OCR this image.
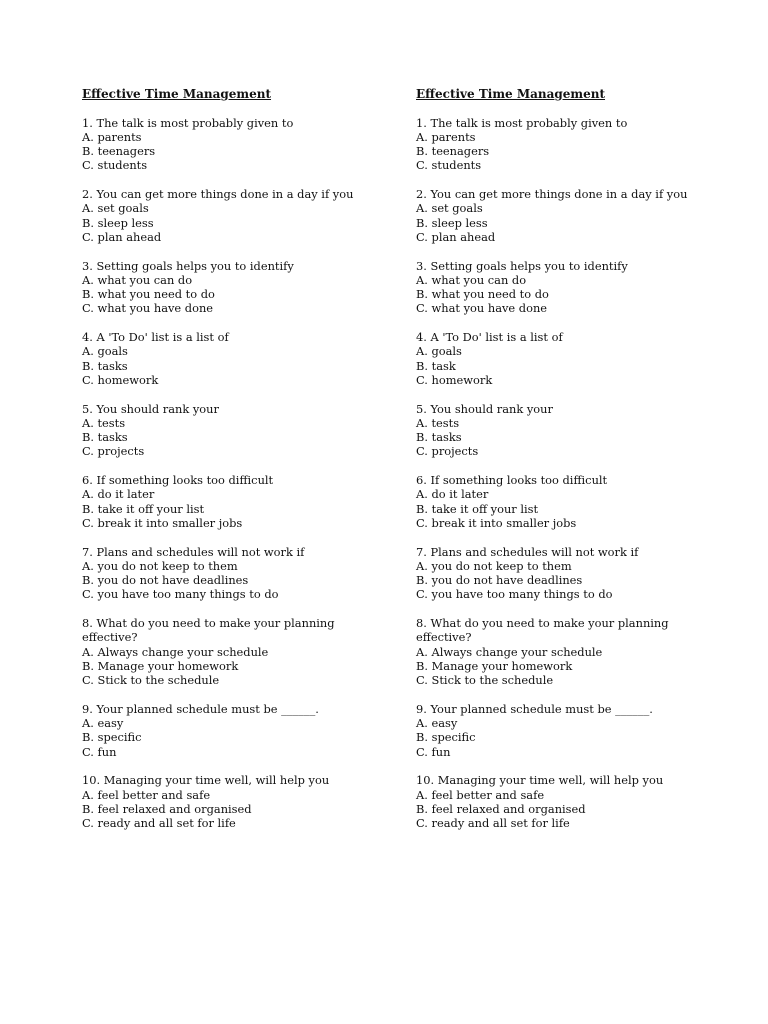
Effective Time Management
1. The talk is most probably given to
A. parents
B. teenagers
C. students
2. You can get more things done in a day if you
A. set goals
B. sleep less
C. plan ahead
3. Setting goals helps you to identify
A. what you can do
B. what you need to do
C. what you have done
4. A 'To Do' list is a list of
A. goals
B. tasks
C. homework
5. You should rank your
A. tests
B. tasks
C. projects
6. If something looks too difficult
A. do it later
B. take it off your list
C. break it into smaller jobs
7. Plans and schedules will not work if
A. you do not keep to them
B. you do not have deadlines
C. you have too many things to do
8. What do you need to make your planning effective?
A. Always change your schedule
B. Manage your homework
C. Stick to the schedule
9. Your planned schedule must be ______.
A. easy
B. specific
C. fun
10. Managing your time well, will help you
A. feel better and safe
B. feel relaxed and organised
C. ready and all set for life
Effective Time Management
1. The talk is most probably given to
A. parents
B. teenagers
C. students
2. You can get more things done in a day if you
A. set goals
B. sleep less
C. plan ahead
3. Setting goals helps you to identify
A. what you can do
B. what you need to do
C. what you have done
4. A 'To Do' list is a list of
A. goals
B. task
C. homework
5. You should rank your
A. tests
B. tasks
C. projects
6. If something looks too difficult
A. do it later
B. take it off your list
C. break it into smaller jobs
7. Plans and schedules will not work if
A. you do not keep to them
B. you do not have deadlines
C. you have too many things to do
8. What do you need to make your planning effective?
A. Always change your schedule
B. Manage your homework
C. Stick to the schedule
9. Your planned schedule must be ______.
A. easy
B. specific
C. fun
10. Managing your time well, will help you
A. feel better and safe
B. feel relaxed and organised
C. ready and all set for life
